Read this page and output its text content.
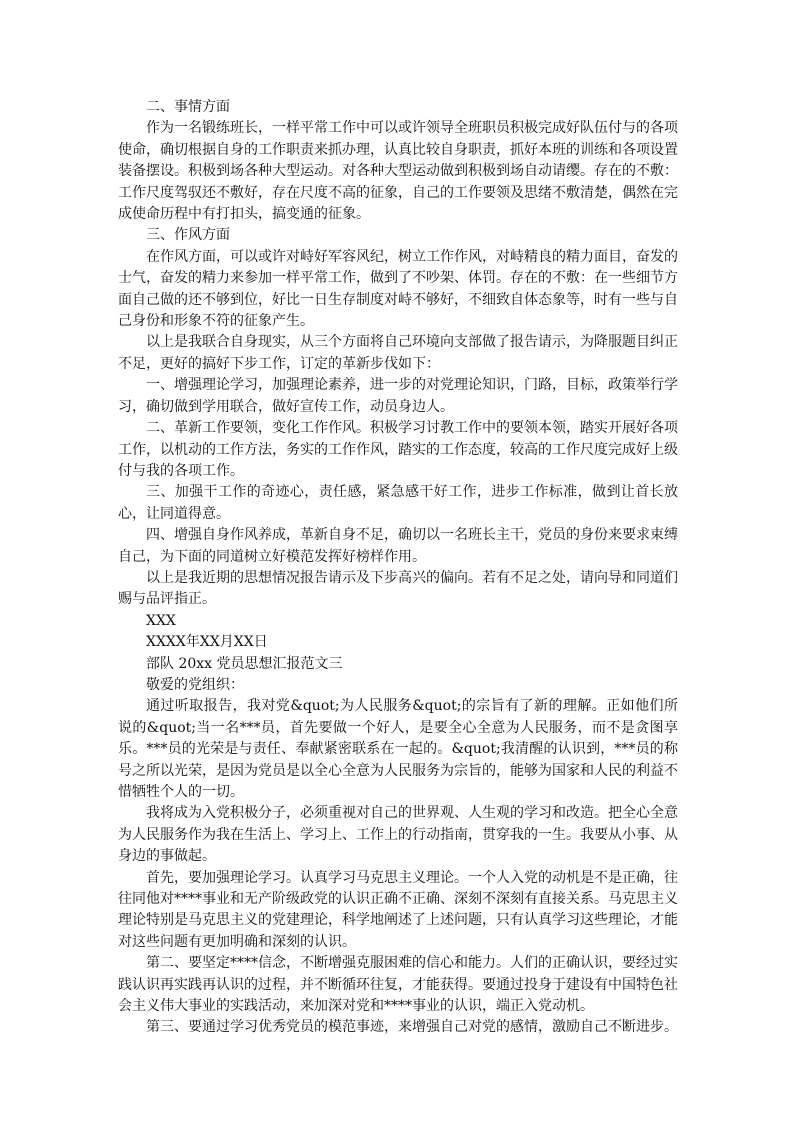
二、事情方面

作为一名锻练班长，一样平常工作中可以或许领导全班职员积极完成好队伍付与的各项使命，确切根据自身的工作职责来抓办理，认真比较自身职责，抓好本班的训练和各项设置装备摆设。积极到场各种大型运动。对各种大型运动做到积极到场自动请缨。存在的不敷：工作尺度驾驭还不敷好，存在尺度不高的征象，自己的工作要领及思绪不敷清楚，偶然在完成使命历程中有打扣头，搞变通的征象。

三、作风方面

在作风方面，可以或许对峙好军容风纪，树立工作作风，对峙精良的精力面目，奋发的士气，奋发的精力来参加一样平常工作，做到了不吵架、体罚。存在的不敷：在一些细节方面自己做的还不够到位，好比一日生存制度对峙不够好，不细致自体态象等，时有一些与自己身份和形象不符的征象产生。

以上是我联合自身现实，从三个方面将自己环境向支部做了报告请示，为降服题目纠正不足，更好的搞好下步工作，订定的革新步伐如下：

一、增强理论学习，加强理论素养，进一步的对党理论知识，门路，目标，政策举行学习，确切做到学用联合，做好宣传工作，动员身边人。

二、革新工作要领，变化工作作风。积极学习讨教工作中的要领本领，踏实开展好各项工作，以机动的工作方法，务实的工作作风，踏实的工作态度，较高的工作尺度完成好上级付与我的各项工作。

三、加强干工作的奇迹心，责任感，紧急感干好工作，进步工作标准，做到让首长放心，让同道得意。

四、增强自身作风养成，革新自身不足，确切以一名班长主干，党员的身份来要求束缚自己，为下面的同道树立好模范发挥好榜样作用。

以上是我近期的思想情况报告请示及下步高兴的偏向。若有不足之处，请向导和同道们赐与品评指正。

XXX

XXXX年XX月XX日

部队 20xx 党员思想汇报范文三

敬爱的党组织：

通过听取报告，我对党&quot;为人民服务&quot;的宗旨有了新的理解。正如他们所说的&quot;当一名***员，首先要做一个好人，是要全心全意为人民服务，而不是贪图享乐。***员的光荣是与责任、奉献紧密联系在一起的。&quot;我清醒的认识到，***员的称号之所以光荣，是因为党员是以全心全意为人民服务为宗旨的，能够为国家和人民的利益不惜牺牲个人的一切。

我将成为入党积极分子，必须重视对自己的世界观、人生观的学习和改造。把全心全意为人民服务作为我在生活上、学习上、工作上的行动指南，贯穿我的一生。我要从小事、从身边的事做起。

首先，要加强理论学习。认真学习马克思主义理论。一个人入党的动机是不是正确，往往同他对****事业和无产阶级政党的认识正确不正确、深刻不深刻有直接关系。马克思主义理论特别是马克思主义的党建理论，科学地阐述了上述问题，只有认真学习这些理论，才能对这些问题有更加明确和深刻的认识。

第二、要坚定****信念，不断增强克服困难的信心和能力。人们的正确认识，要经过实践认识再实践再认识的过程，并不断循环往复，才能获得。要通过投身于建设有中国特色社会主义伟大事业的实践活动，来加深对党和****事业的认识，端正入党动机。

第三、要通过学习优秀党员的模范事迹，来增强自己对党的感情，激励自己不断进步。
